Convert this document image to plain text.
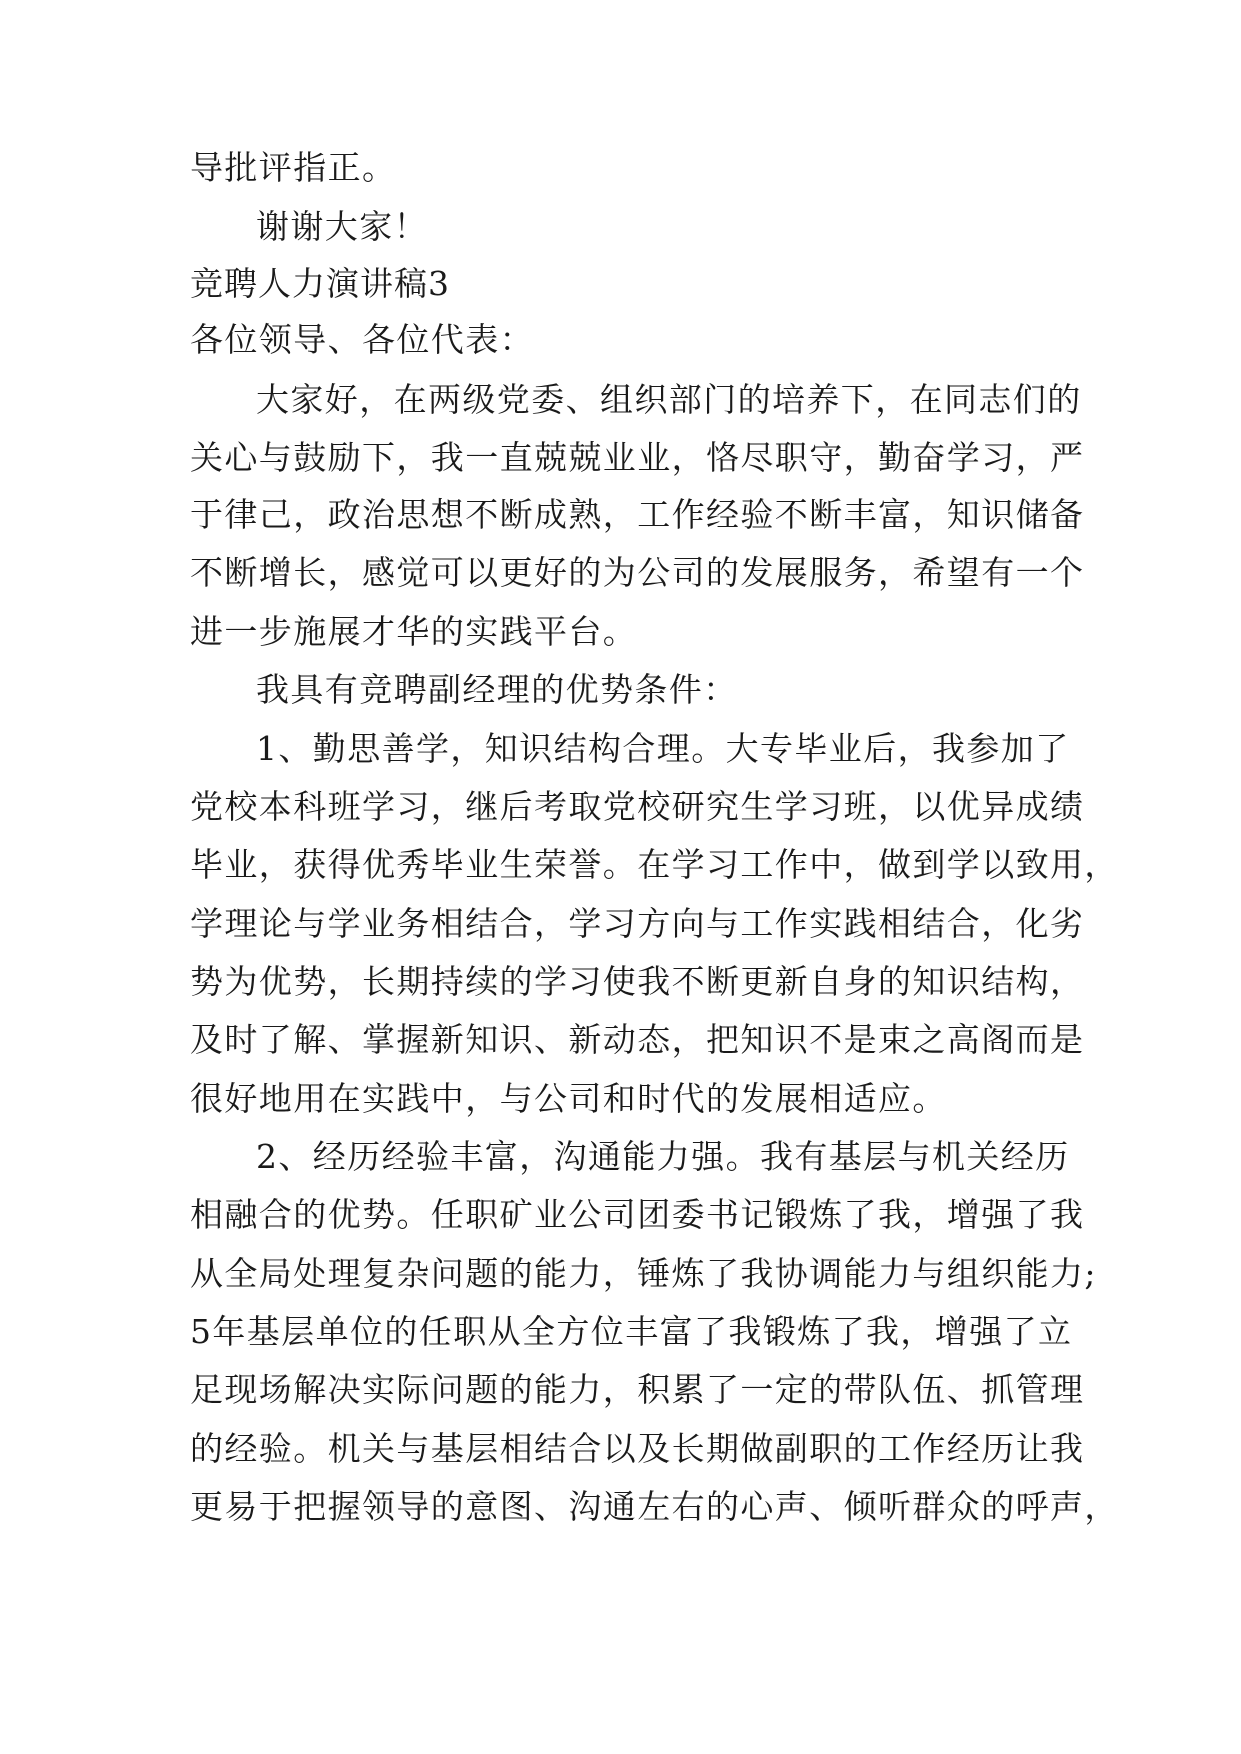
导批评指正。
谢谢大家！
竞聘人力演讲稿3
各位领导、各位代表：
大家好，在两级党委、组织部门的培养下，在同志们的
关心与鼓励下，我一直兢兢业业，恪尽职守，勤奋学习，严
于律己，政治思想不断成熟，工作经验不断丰富，知识储备
不断增长，感觉可以更好的为公司的发展服务，希望有一个
进一步施展才华的实践平台。
我具有竞聘副经理的优势条件：
1、勤思善学，知识结构合理。大专毕业后，我参加了
党校本科班学习，继后考取党校研究生学习班，以优异成绩
毕业，获得优秀毕业生荣誉。在学习工作中，做到学以致用，
学理论与学业务相结合，学习方向与工作实践相结合，化劣
势为优势，长期持续的学习使我不断更新自身的知识结构，
及时了解、掌握新知识、新动态，把知识不是束之高阁而是
很好地用在实践中，与公司和时代的发展相适应。
2、经历经验丰富，沟通能力强。我有基层与机关经历
相融合的优势。任职矿业公司团委书记锻炼了我，增强了我
从全局处理复杂问题的能力，锤炼了我协调能力与组织能力;
5年基层单位的任职从全方位丰富了我锻炼了我，增强了立
足现场解决实际问题的能力，积累了一定的带队伍、抓管理
的经验。机关与基层相结合以及长期做副职的工作经历让我
更易于把握领导的意图、沟通左右的心声、倾听群众的呼声，
